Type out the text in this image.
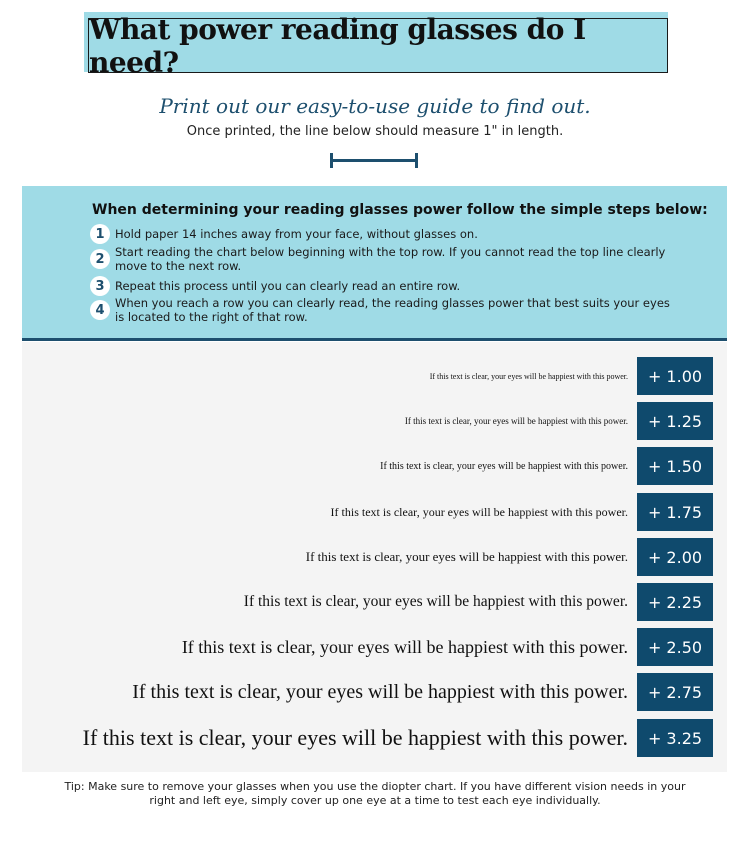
What power reading glasses do I need?
Print out our easy-to-use guide to find out.
Once printed, the line below should measure 1" in length.
When determining your reading glasses power follow the simple steps below:
1 Hold paper 14 inches away from your face, without glasses on.
2 Start reading the chart below beginning with the top row. If you cannot read the top line clearly move to the next row.
3 Repeat this process until you can clearly read an entire row.
4 When you reach a row you can clearly read, the reading glasses power that best suits your eyes is located to the right of that row.
If this text is clear, your eyes will be happiest with this power.	+ 1.00
If this text is clear, your eyes will be happiest with this power.	+ 1.25
If this text is clear, your eyes will be happiest with this power.	+ 1.50
If this text is clear, your eyes will be happiest with this power.	+ 1.75
If this text is clear, your eyes will be happiest with this power.	+ 2.00
If this text is clear, your eyes will be happiest with this power.	+ 2.25
If this text is clear, your eyes will be happiest with this power.	+ 2.50
If this text is clear, your eyes will be happiest with this power.	+ 2.75
If this text is clear, your eyes will be happiest with this power.	+ 3.25
Tip: Make sure to remove your glasses when you use the diopter chart. If you have different vision needs in your right and left eye, simply cover up one eye at a time to test each eye individually.
